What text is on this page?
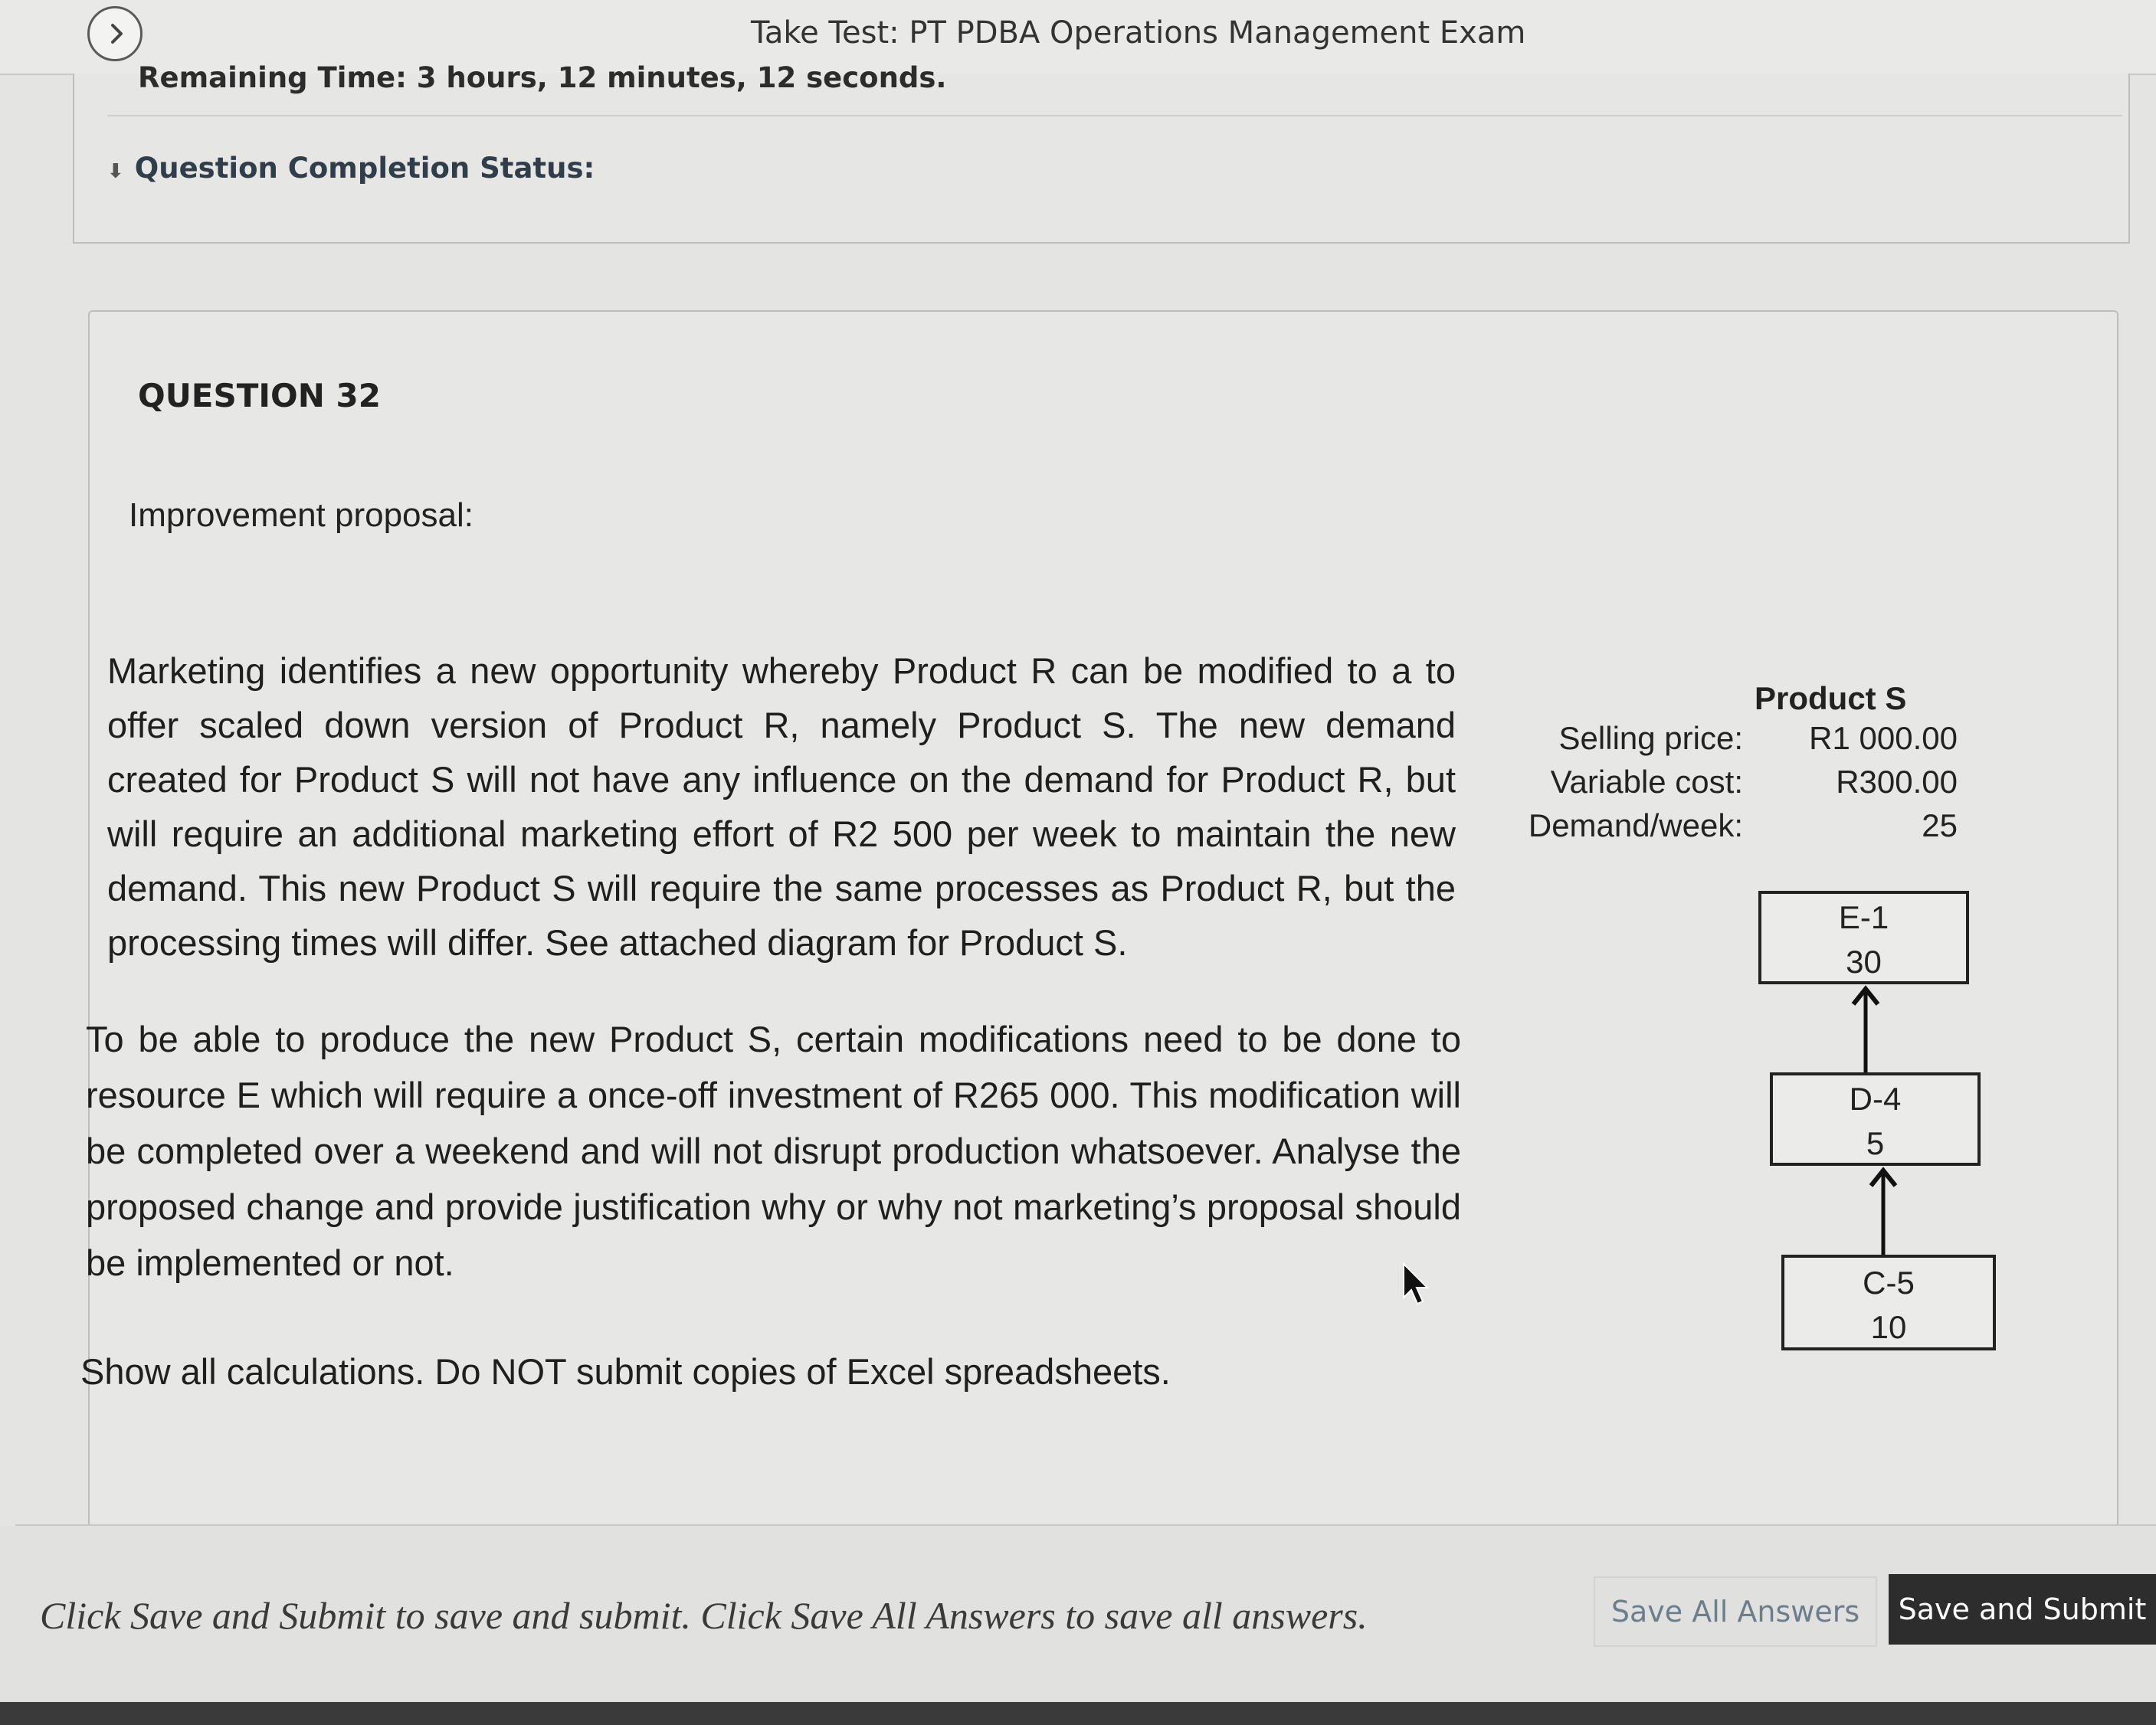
Take Test: PT PDBA Operations Management Exam
Remaining Time: 3 hours, 12 minutes, 12 seconds.
⬇︎ Question Completion Status:
QUESTION 32
Improvement proposal:
Marketing identifies a new opportunity whereby Product R can be modified to a to offer scaled down version of Product R, namely Product S. The new demand created for Product S will not have any influence on the demand for Product R, but will require an additional marketing effort of R2 500 per week to maintain the new demand. This new Product S will require the same processes as Product R, but the processing times will differ. See attached diagram for Product S.
To be able to produce the new Product S, certain modifications need to be done to resource E which will require a once-off investment of R265 000. This modification will be completed over a weekend and will not disrupt production whatsoever. Analyse the proposed change and provide justification why or why not marketing’s proposal should be implemented or not.
Show all calculations. Do NOT submit copies of Excel spreadsheets.
Product S
Selling price: R1 000.00
Variable cost:	R300.00
Demand/week:	25
E-1
30
D-4
5
C-5
10
Click Save and Submit to save and submit. Click Save All Answers to save all answers.	Save All Answers	Save and Submit
